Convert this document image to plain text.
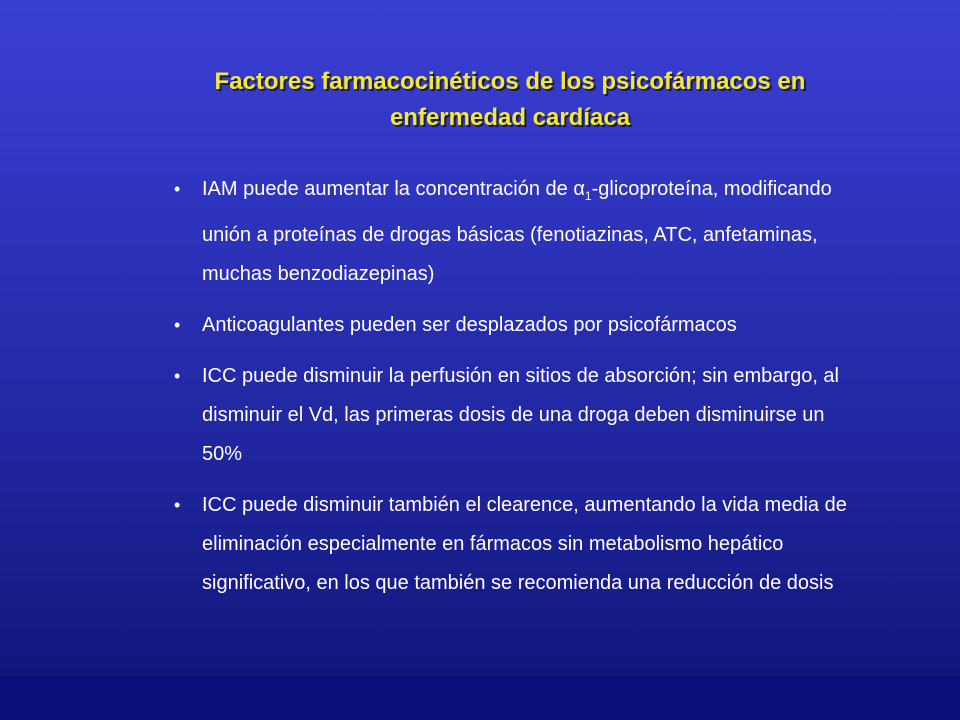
Factores farmacocinéticos de los psicofármacos en
enfermedad cardíaca
• IAM puede aumentar la concentración de $\alpha_1$-glicoproteína, modificando unión a proteínas de drogas básicas (fenotiazinas, ATC, anfetaminas, muchas benzodiazepinas)
• Anticoagulantes pueden ser desplazados por psicofármacos
• ICC puede disminuir la perfusión en sitios de absorción; sin embargo, al disminuir el Vd, las primeras dosis de una droga deben disminuirse un 50%
• ICC puede disminuir también el clearence, aumentando la vida media de eliminación especialmente en fármacos sin metabolismo hepático significativo, en los que también se recomienda una reducción de dosis
